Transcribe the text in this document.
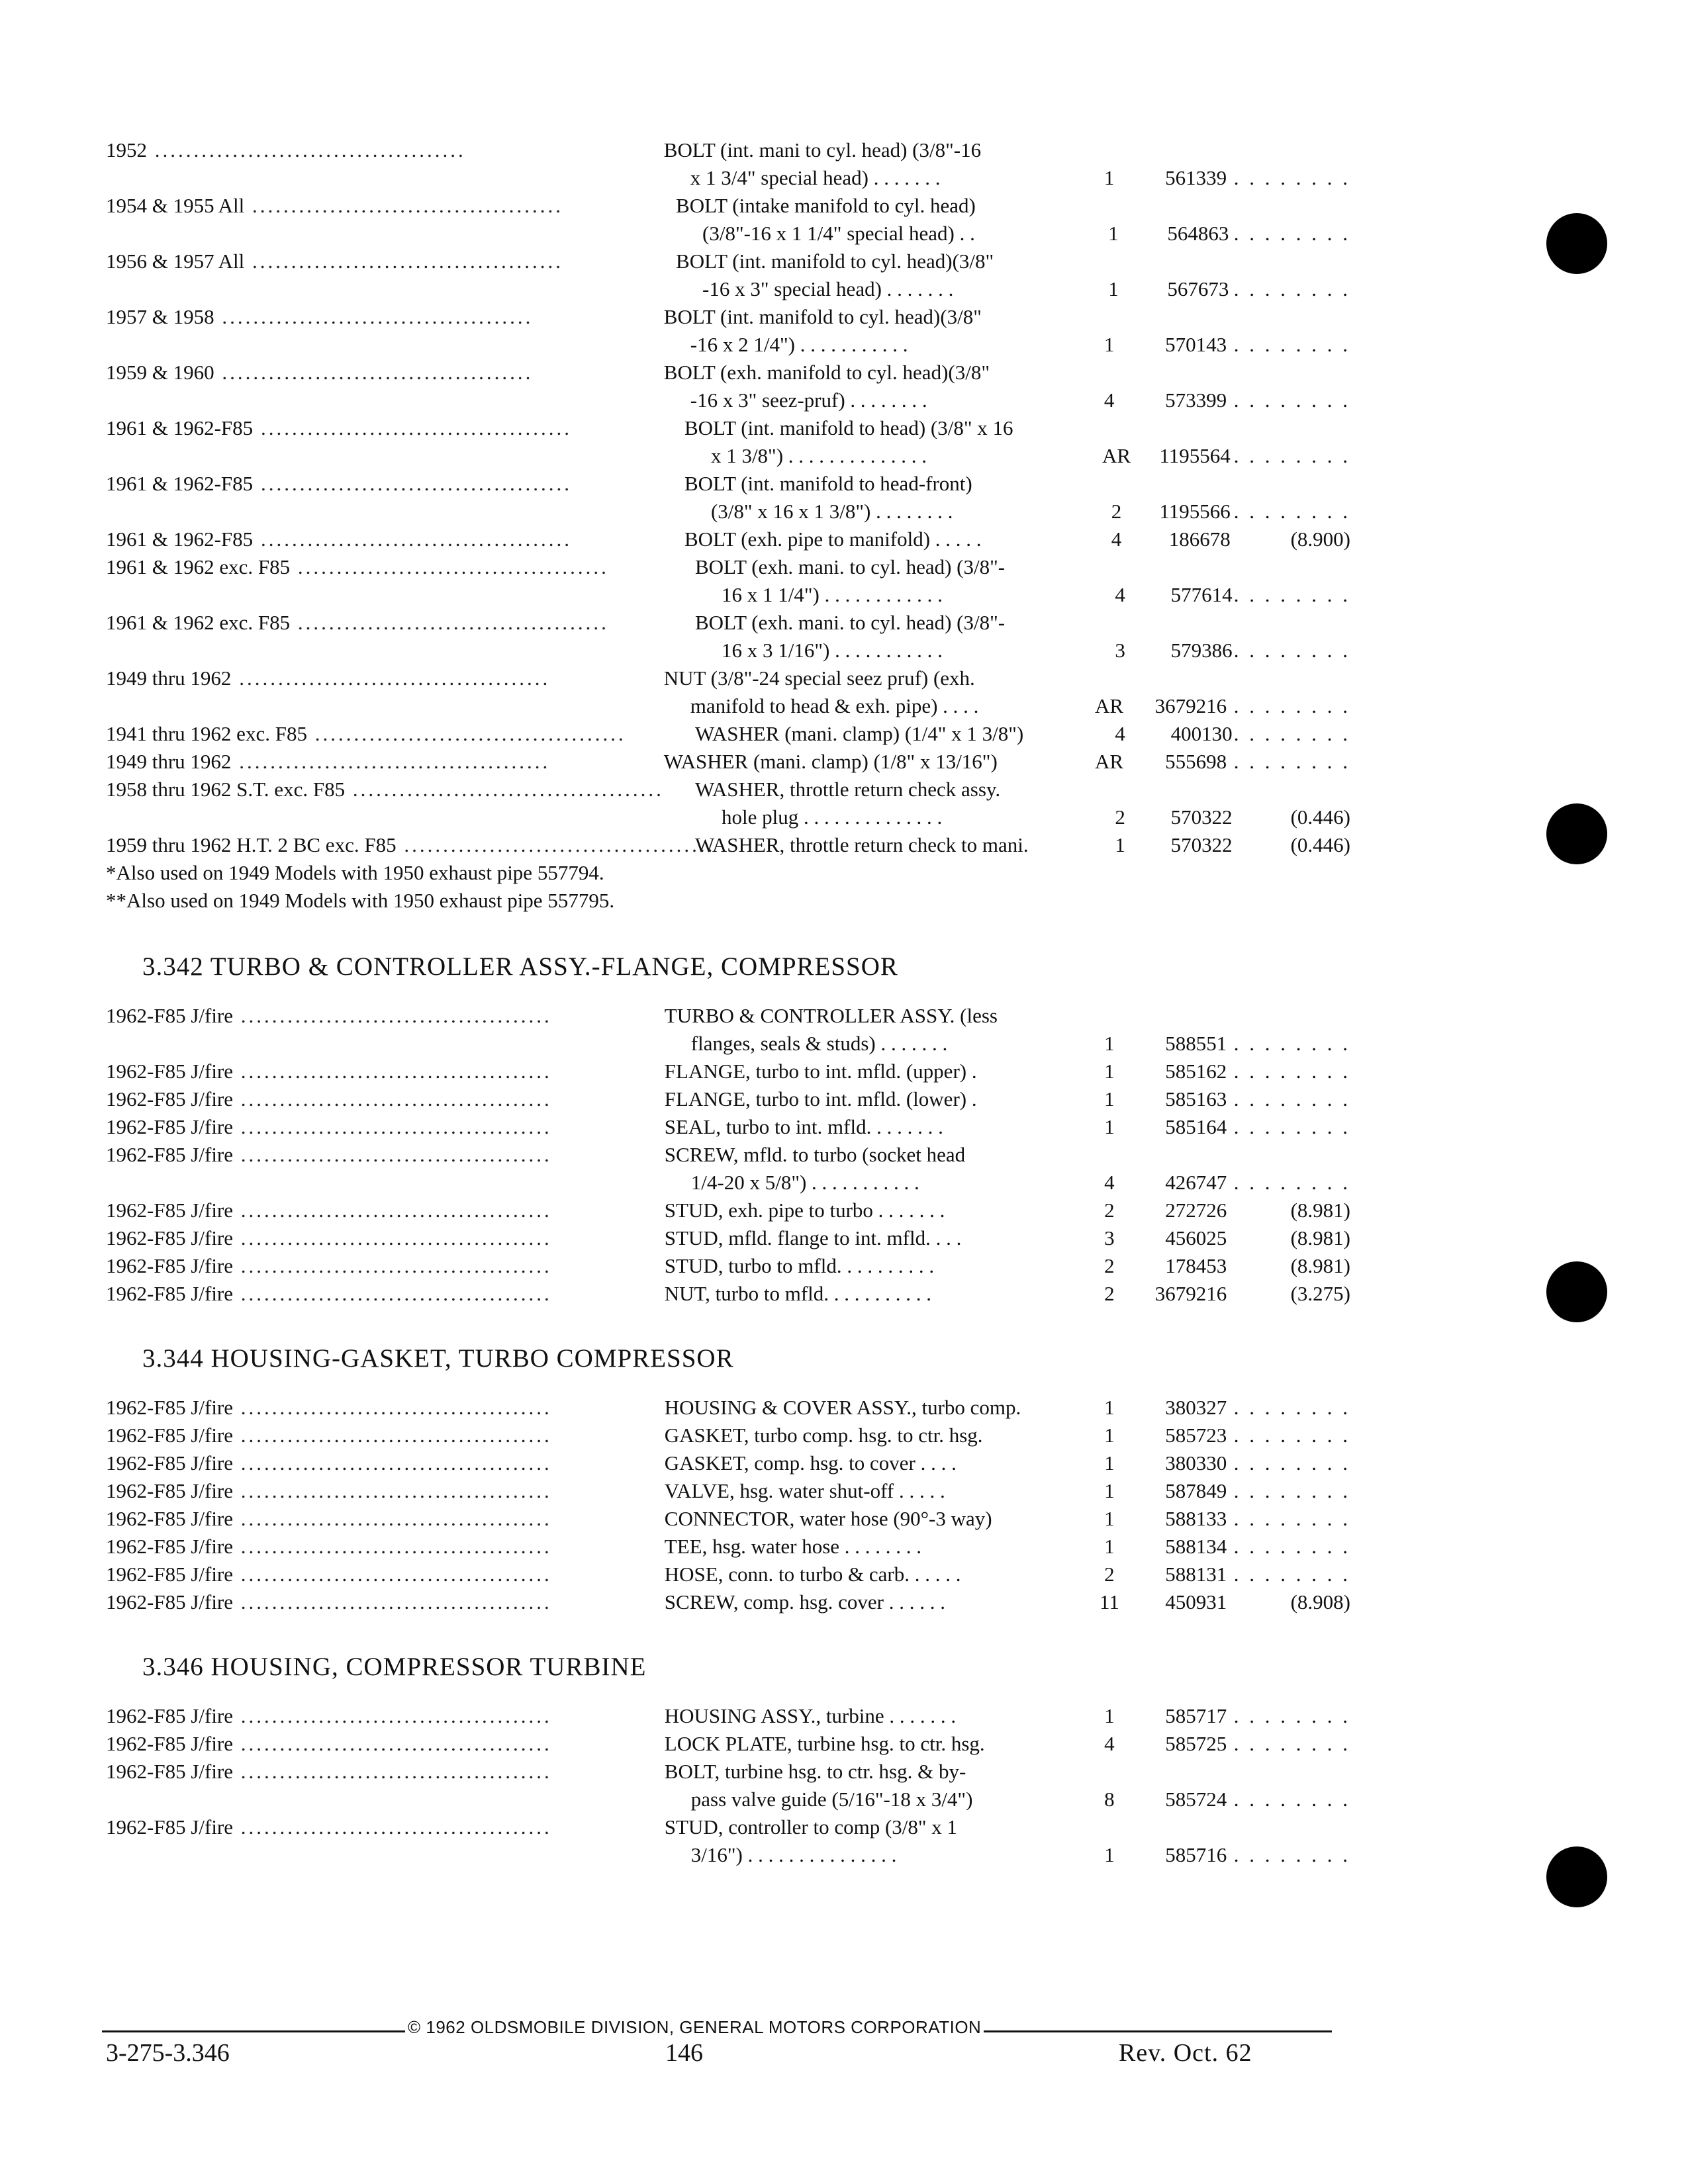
1952 ........................................	BOLT (int. mani to cyl. head) (3/8"-16
x 1 3/4" special head) . . . . . . .	1	561339 . . . . . . . .
1954 & 1955 All ........................................	BOLT (intake manifold to cyl. head)
(3/8"-16 x 1 1/4" special head) . .	1	564863 . . . . . . . .
1956 & 1957 All ........................................	BOLT (int. manifold to cyl. head)(3/8"
-16 x 3" special head) . . . . . . .	1	567673 . . . . . . . .
1957 & 1958 ........................................	BOLT (int. manifold to cyl. head)(3/8"
-16 x 2 1/4") . . . . . . . . . . .	1	570143 . . . . . . . .
1959 & 1960 ........................................	BOLT (exh. manifold to cyl. head)(3/8"
-16 x 3" seez-pruf) . . . . . . . .	4	573399 . . . . . . . .
1961 & 1962-F85 ........................................	BOLT (int. manifold to head) (3/8" x 16
x 1 3/8") . . . . . . . . . . . . . .	AR	1195564 . . . . . . . .
1961 & 1962-F85 ........................................	BOLT (int. manifold to head-front)
(3/8" x 16 x 1 3/8") . . . . . . . .	2	1195566 . . . . . . . .
1961 & 1962-F85 ........................................	BOLT (exh. pipe to manifold) . . . . .	4	186678	(8.900)
1961 & 1962 exc. F85 ........................................	BOLT (exh. mani. to cyl. head) (3/8"-
16 x 1 1/4") . . . . . . . . . . . .	4	577614 . . . . . . . .
1961 & 1962 exc. F85 ........................................	BOLT (exh. mani. to cyl. head) (3/8"-
16 x 3 1/16") . . . . . . . . . . .	3	579386 . . . . . . . .
1949 thru 1962 ........................................	NUT (3/8"-24 special seez pruf) (exh.
manifold to head & exh. pipe) . . . .	AR	3679216 . . . . . . . .
1941 thru 1962 exc. F85 ........................................	WASHER (mani. clamp) (1/4" x 1 3/8")	4	400130 . . . . . . . .
1949 thru 1962 ........................................	WASHER (mani. clamp) (1/8" x 13/16")	AR	555698 . . . . . . . .
1958 thru 1962 S.T. exc. F85 ........................................ WASHER, throttle return check assy.
hole plug . . . . . . . . . . . . . .	2	570322	(0.446)
1959 thru 1962 H.T. 2 BC exc. F85 ........................................
WASHER, throttle return check to mani.	1	570322	(0.446)
*Also used on 1949 Models with 1950 exhaust pipe 557794.
**Also used on 1949 Models with 1950 exhaust pipe 557795.
3.342 TURBO & CONTROLLER ASSY.-FLANGE, COMPRESSOR
1962-F85 J/fire ........................................	TURBO & CONTROLLER ASSY. (less
flanges, seals & studs) . . . . . . .	1	588551 . . . . . . . .
1962-F85 J/fire ........................................	FLANGE, turbo to int. mfld. (upper) .	1	585162 . . . . . . . .
1962-F85 J/fire ........................................	FLANGE, turbo to int. mfld. (lower) .	1	585163 . . . . . . . .
1962-F85 J/fire ........................................	SEAL, turbo to int. mfld. . . . . . . .	1	585164 . . . . . . . .
1962-F85 J/fire ........................................	SCREW, mfld. to turbo (socket head
1/4-20 x 5/8") . . . . . . . . . . .	4	426747 . . . . . . . .
1962-F85 J/fire ........................................	STUD, exh. pipe to turbo . . . . . . .	2	272726	(8.981)
1962-F85 J/fire ........................................	STUD, mfld. flange to int. mfld. . . .	3	456025	(8.981)
1962-F85 J/fire ........................................	STUD, turbo to mfld. . . . . . . . . .	2	178453	(8.981)
1962-F85 J/fire ........................................	NUT, turbo to mfld. . . . . . . . . . .	2	3679216	(3.275)
3.344 HOUSING-GASKET, TURBO COMPRESSOR
1962-F85 J/fire ........................................	HOUSING & COVER ASSY., turbo comp.	1	380327 . . . . . . . .
1962-F85 J/fire ........................................	GASKET, turbo comp. hsg. to ctr. hsg.	1	585723 . . . . . . . .
1962-F85 J/fire ........................................	GASKET, comp. hsg. to cover . . . .	1	380330 . . . . . . . .
1962-F85 J/fire ........................................	VALVE, hsg. water shut-off . . . . .	1	587849 . . . . . . . .
1962-F85 J/fire ........................................	CONNECTOR, water hose (90°-3 way)	1	588133 . . . . . . . .
1962-F85 J/fire ........................................	TEE, hsg. water hose . . . . . . . .	1	588134 . . . . . . . .
1962-F85 J/fire ........................................	HOSE, conn. to turbo & carb. . . . . .	2	588131 . . . . . . . .
1962-F85 J/fire ........................................	SCREW, comp. hsg. cover . . . . . .	11	450931	(8.908)
3.346 HOUSING, COMPRESSOR TURBINE
1962-F85 J/fire ........................................	HOUSING ASSY., turbine . . . . . . .	1	585717 . . . . . . . .
1962-F85 J/fire ........................................	LOCK PLATE, turbine hsg. to ctr. hsg.	4	585725 . . . . . . . .
1962-F85 J/fire ........................................	BOLT, turbine hsg. to ctr. hsg. & by-
pass valve guide (5/16"-18 x 3/4")	8	585724 . . . . . . . .
1962-F85 J/fire ........................................	STUD, controller to comp (3/8" x 1
3/16") . . . . . . . . . . . . . . .	1	585716 . . . . . . . .
© 1962 OLDSMOBILE DIVISION, GENERAL MOTORS CORPORATION
3-275-3.346	146	Rev. Oct. 62
